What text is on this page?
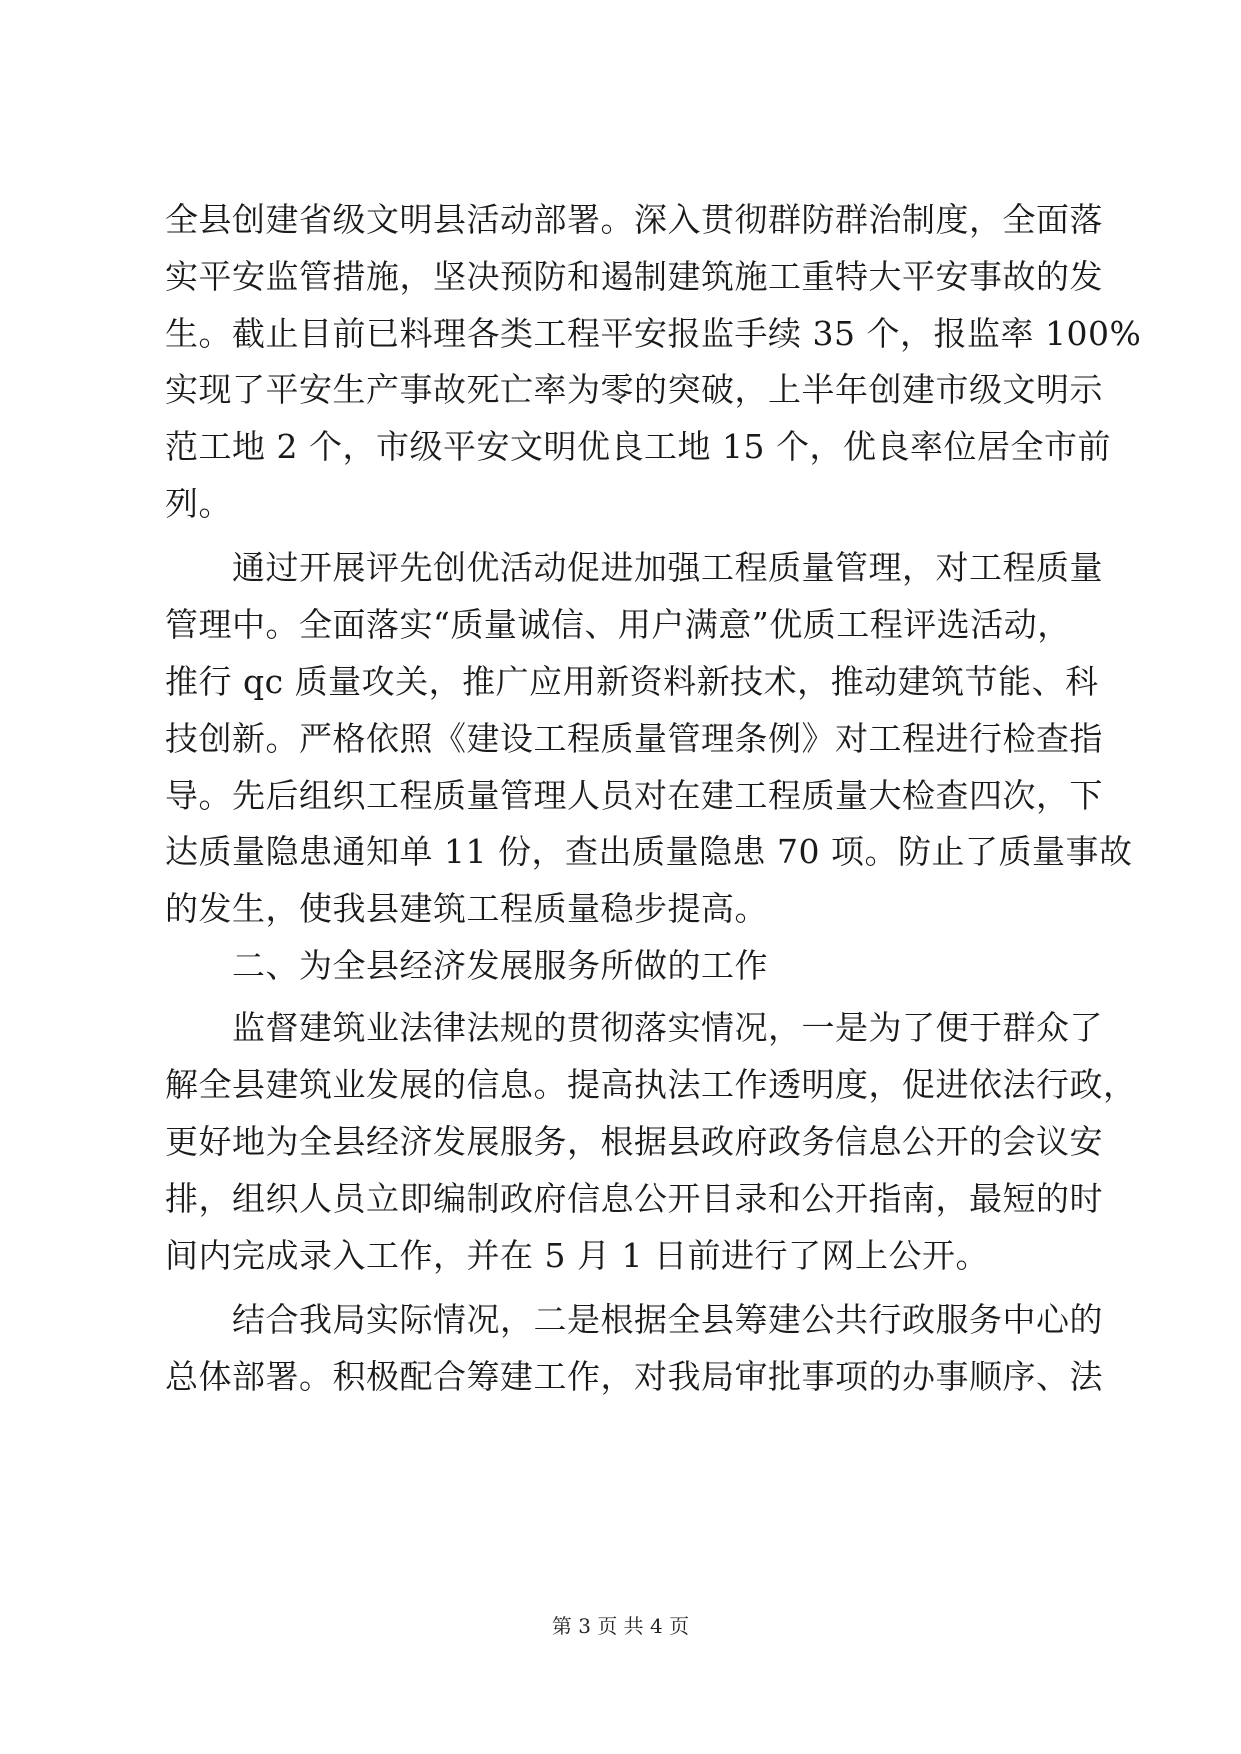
全县创建省级文明县活动部署。深入贯彻群防群治制度，全面落
实平安监管措施，坚决预防和遏制建筑施工重特大平安事故的发
生。截止目前已料理各类工程平安报监手续 35 个，报监率 100%
实现了平安生产事故死亡率为零的突破，上半年创建市级文明示
范工地 2 个，市级平安文明优良工地 15 个，优良率位居全市前
列。
　　通过开展评先创优活动促进加强工程质量管理，对工程质量
管理中。全面落实“质量诚信、用户满意”优质工程评选活动，
推行 qc 质量攻关，推广应用新资料新技术，推动建筑节能、科
技创新。严格依照《建设工程质量管理条例》对工程进行检查指
导。先后组织工程质量管理人员对在建工程质量大检查四次，下
达质量隐患通知单 11 份，查出质量隐患 70 项。防止了质量事故
的发生，使我县建筑工程质量稳步提高。
　　二、为全县经济发展服务所做的工作
　　监督建筑业法律法规的贯彻落实情况，一是为了便于群众了
解全县建筑业发展的信息。提高执法工作透明度，促进依法行政，
更好地为全县经济发展服务，根据县政府政务信息公开的会议安
排，组织人员立即编制政府信息公开目录和公开指南，最短的时
间内完成录入工作，并在 5 月 1 日前进行了网上公开。
　　结合我局实际情况，二是根据全县筹建公共行政服务中心的
总体部署。积极配合筹建工作，对我局审批事项的办事顺序、法
第 3 页 共 4 页
